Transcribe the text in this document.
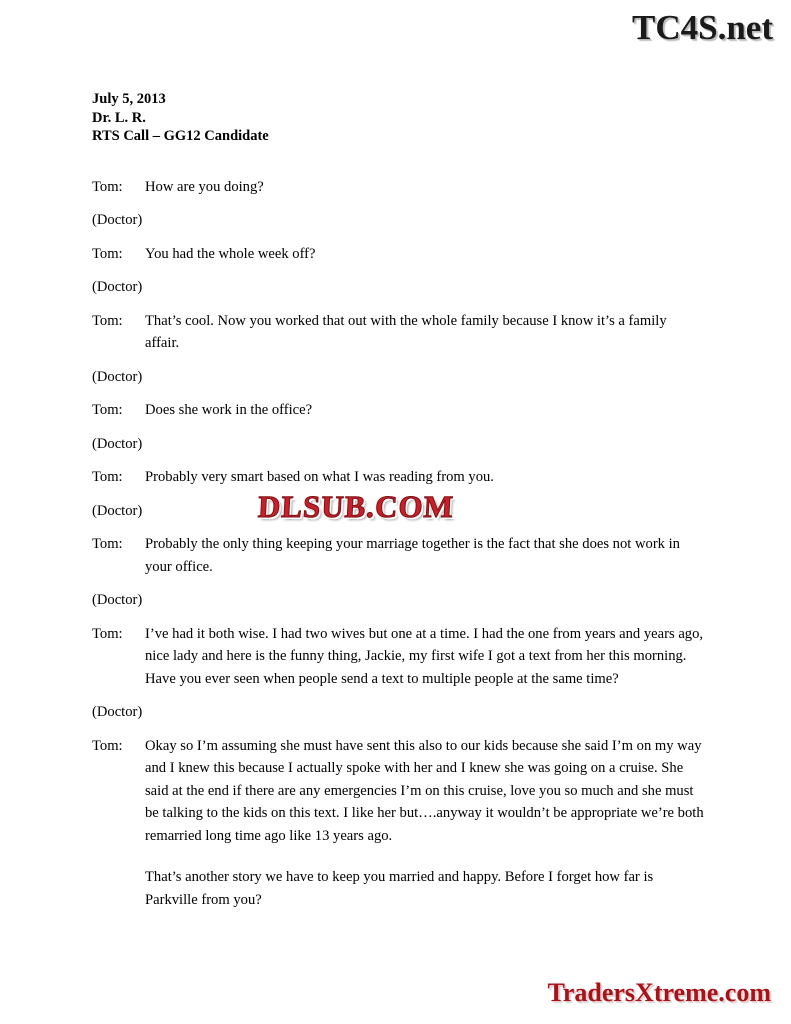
TC4S.net
July 5, 2013
Dr. L. R.
RTS Call – GG12 Candidate
Tom:	How are you doing?

(Doctor)
Tom:	You had the whole week off?

(Doctor)
Tom:	That’s cool. Now you worked that out with the whole family because I know it’s a family affair.

(Doctor)
Tom:	Does she work in the office?

(Doctor)
Tom:	Probably very smart based on what I was reading from you.

(Doctor)
Tom:	Probably the only thing keeping your marriage together is the fact that she does not work in your office.

(Doctor)
Tom:	I’ve had it both wise. I had two wives but one at a time. I had the one from years and years ago, nice lady and here is the funny thing, Jackie, my first wife I got a text from her this morning. Have you ever seen when people send a text to multiple people at the same time?

(Doctor)
Tom:	Okay so I’m assuming she must have sent this also to our kids because she said I’m on my way and I knew this because I actually spoke with her and I knew she was going on a cruise. She said at the end if there are any emergencies I’m on this cruise, love you so much and she must be talking to the kids on this text. I like her but….anyway it wouldn’t be appropriate we’re both remarried long time ago like 13 years ago.

That’s another story we have to keep you married and happy. Before I forget how far is Parkville from you?

DLSUB.COM
TradersXtreme.com
